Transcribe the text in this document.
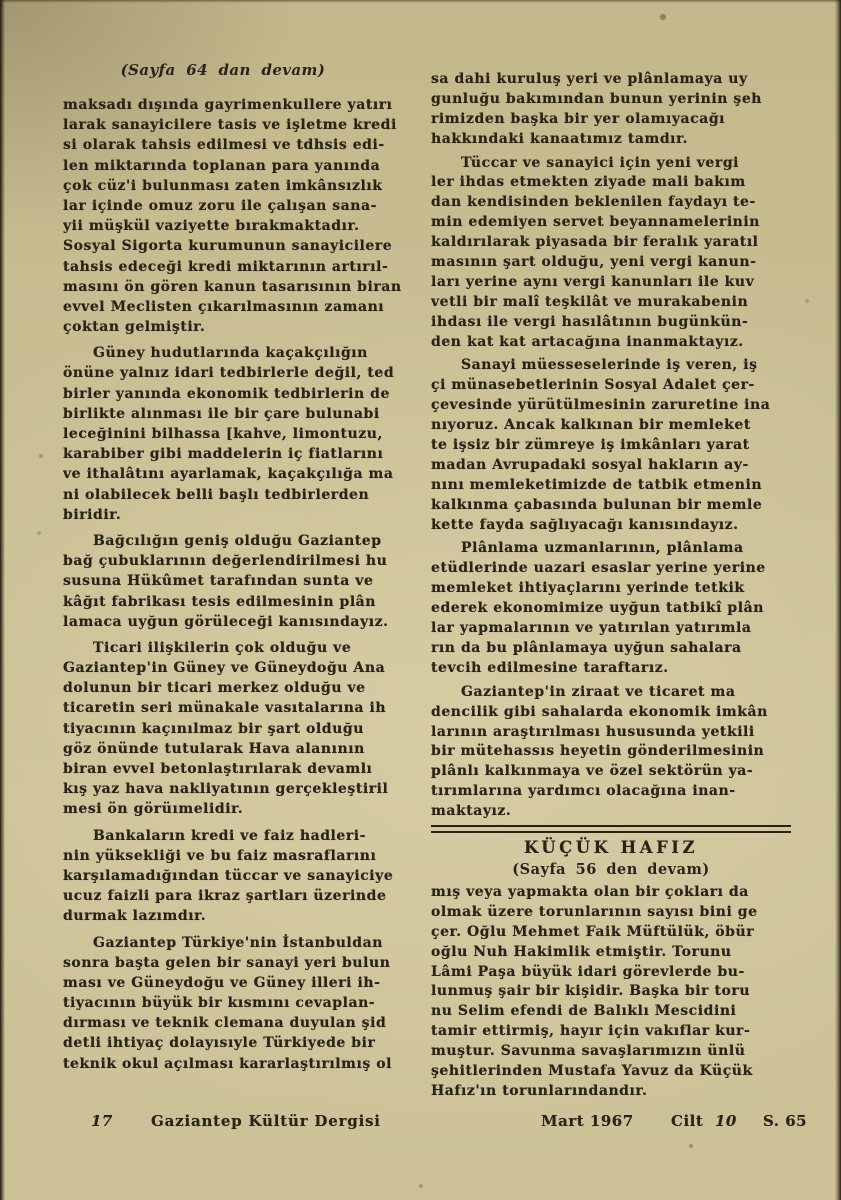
(Sayfa 64 dan devam)
maksadı dışında gayrimenkullere yatırı
larak sanayicilere tasis ve işletme kredi
si olarak tahsis edilmesi ve tdhsis edi-
len miktarında toplanan para yanında
çok cüz'i bulunması zaten imkânsızlık
lar içinde omuz zoru ile çalışan sana-
yii müşkül vaziyette bırakmaktadır.
Sosyal Sigorta kurumunun sanayicilere
tahsis edeceği kredi miktarının artırıl-
masını ön gören kanun tasarısının biran
evvel Meclisten çıkarılmasının zamanı
çoktan gelmiştir.
Güney hudutlarında kaçakçılığın
önüne yalnız idari tedbirlerle değil, ted
birler yanında ekonomik tedbirlerin de
birlikte alınması ile bir çare bulunabi
leceğinini bilhassa [kahve, limontuzu,
karabiber gibi maddelerin iç fiatlarını
ve ithalâtını ayarlamak, kaçakçılığa ma
ni olabilecek belli başlı tedbirlerden
biridir.
Bağcılığın geniş olduğu Gaziantep
bağ çubuklarının değerlendirilmesi hu
susuna Hükûmet tarafından sunta ve
kâğıt fabrikası tesis edilmesinin plân
lamaca uyğun görüleceği kanısındayız.
Ticari ilişkilerin çok olduğu ve
Gaziantep'in Güney ve Güneydoğu Ana
dolunun bir ticari merkez olduğu ve
ticaretin seri münakale vasıtalarına ih
tiyacının kaçınılmaz bir şart olduğu
göz önünde tutularak Hava alanının
biran evvel betonlaştırılarak devamlı
kış yaz hava nakliyatının gerçekleştiril
mesi ön görüımelidir.
Bankaların kredi ve faiz hadleri-
nin yüksekliği ve bu faiz masraflarını
karşılamadığından tüccar ve sanayiciye
ucuz faizli para ikraz şartları üzerinde
durmak lazımdır.
Gaziantep Türkiye'nin İstanbuldan
sonra başta gelen bir sanayi yeri bulun
ması ve Güneydoğu ve Güney illeri ih-
tiyacının büyük bir kısmını cevaplan-
dırması ve teknik clemana duyulan şid
detli ihtiyaç dolayısıyle Türkiyede bir
teknik okul açılması kararlaştırılmış ol
sa dahi kuruluş yeri ve plânlamaya uy
gunluğu bakımından bunun yerinin şeh
rimizden başka bir yer olamıyacağı
hakkındaki kanaatımız tamdır.
Tüccar ve sanayici için yeni vergi
ler ihdas etmekten ziyade mali bakım
dan kendisinden beklenilen faydayı te-
min edemiyen servet beyannamelerinin
kaldırılarak piyasada bir feralık yaratıl
masının şart olduğu, yeni vergi kanun-
ları yerine aynı vergi kanunları ile kuv
vetli bir malî teşkilât ve murakabenin
ihdası ile vergi hasılâtının bugünkün-
den kat kat artacağına inanmaktayız.
Sanayi müesseselerinde iş veren, iş
çi münasebetlerinin Sosyal Adalet çer-
çevesinde yürütülmesinin zaruretine ina
nıyoruz. Ancak kalkınan bir memleket
te işsiz bir zümreye iş imkânları yarat
madan Avrupadaki sosyal hakların ay-
nını memleketimizde de tatbik etmenin
kalkınma çabasında bulunan bir memle
kette fayda sağlıyacağı kanısındayız.
Plânlama uzmanlarının, plânlama
etüdlerinde uazari esaslar yerine yerine
memleket ihtiyaçlarını yerinde tetkik
ederek ekonomimize uyğun tatbikî plân
lar yapmalarının ve yatırılan yatırımla
rın da bu plânlamaya uyğun sahalara
tevcih edilmesine taraftarız.
Gaziantep'in ziraat ve ticaret ma
dencilik gibi sahalarda ekonomik imkân
larının araştırılması hususunda yetkili
bir mütehassıs heyetin gönderilmesinin
plânlı kalkınmaya ve özel sektörün ya-
tırımlarına yardımcı olacağına inan-
maktayız.
KÜÇÜK HAFIZ
(Sayfa 56 den devam)
mış veya yapmakta olan bir çokları da
olmak üzere torunlarının sayısı bini ge
çer. Oğlu Mehmet Faik Müftülük, öbür
oğlu Nuh Hakimlik etmiştir. Torunu
Lâmi Paşa büyük idari görevlerde bu-
lunmuş şair bir kişidir. Başka bir toru
nu Selim efendi de Balıklı Mescidini
tamir ettirmiş, hayır için vakıflar kur-
muştur. Savunma savaşlarımızın ünlü
şehitlerinden Mustafa Yavuz da Küçük
Hafız'ın torunlarındandır.
17	Gaziantep Kültür Dergisi	Mart 1967 Cilt 10 S. 65
